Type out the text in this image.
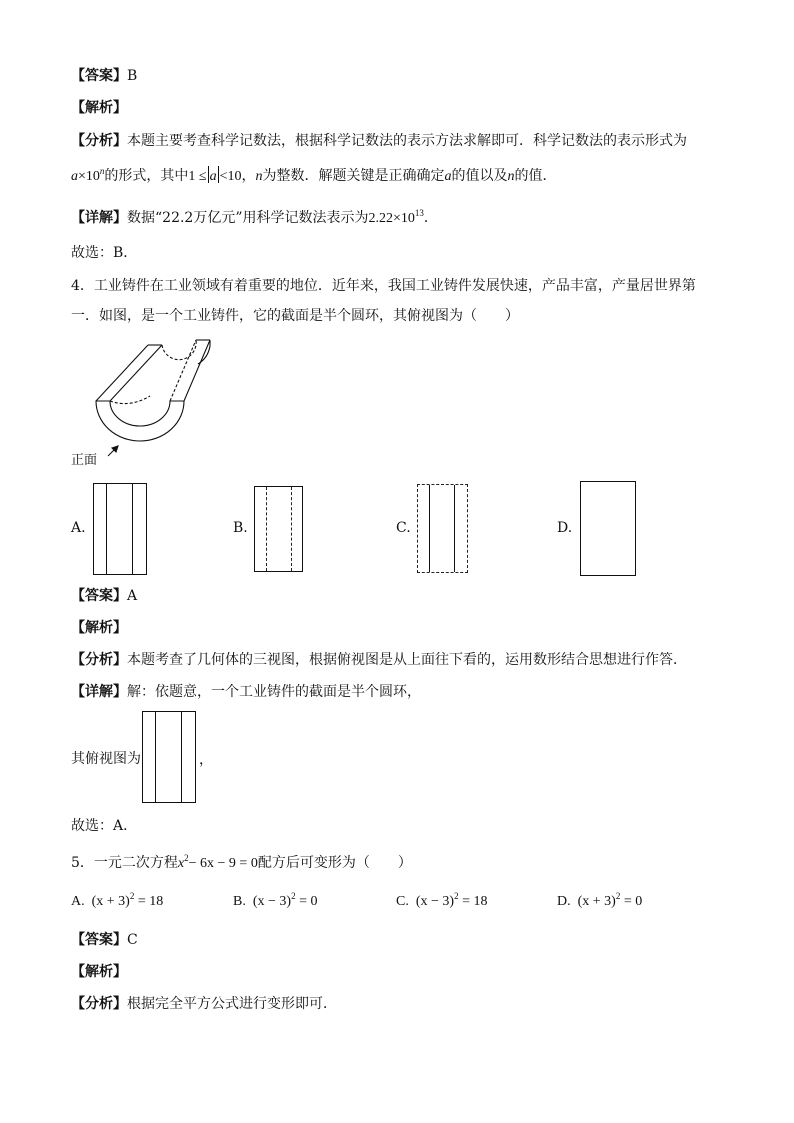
【答案】B
【解析】
【分析】本题主要考查科学记数法，根据科学记数法的表示方法求解即可．科学记数法的表示形式为
$a\times 10^n$的形式，其中1 ≤ a <10，n为整数．解题关键是正确确定a的值以及n的值．
【详解】数据“22.2万亿元”用科学记数法表示为$2.22\times 10^{13}$．
故选：B．
4．工业铸件在工业领域有着重要的地位．近年来，我国工业铸件发展快速，产品丰富，产量居世界第
一．如图，是一个工业铸件，它的截面是半个圆环，其俯视图为（　　）
正面
A.	B.	C.	D.
【答案】A
【解析】
【分析】本题考查了几何体的三视图，根据俯视图是从上面往下看的，运用数形结合思想进行作答．
【详解】解：依题意，一个工业铸件的截面是半个圆环，
其俯视图为	，
故选：A．
5．一元二次方程$x^2- 6x - 9 = 0$配方后可变形为（　　）
A. $(x + 3)^2 = 18$	B. $(x - 3)^2 = 0$	C. $(x - 3)^2 = 18$	D. $(x + 3)^2 = 0$
【答案】C
【解析】
【分析】根据完全平方公式进行变形即可．
